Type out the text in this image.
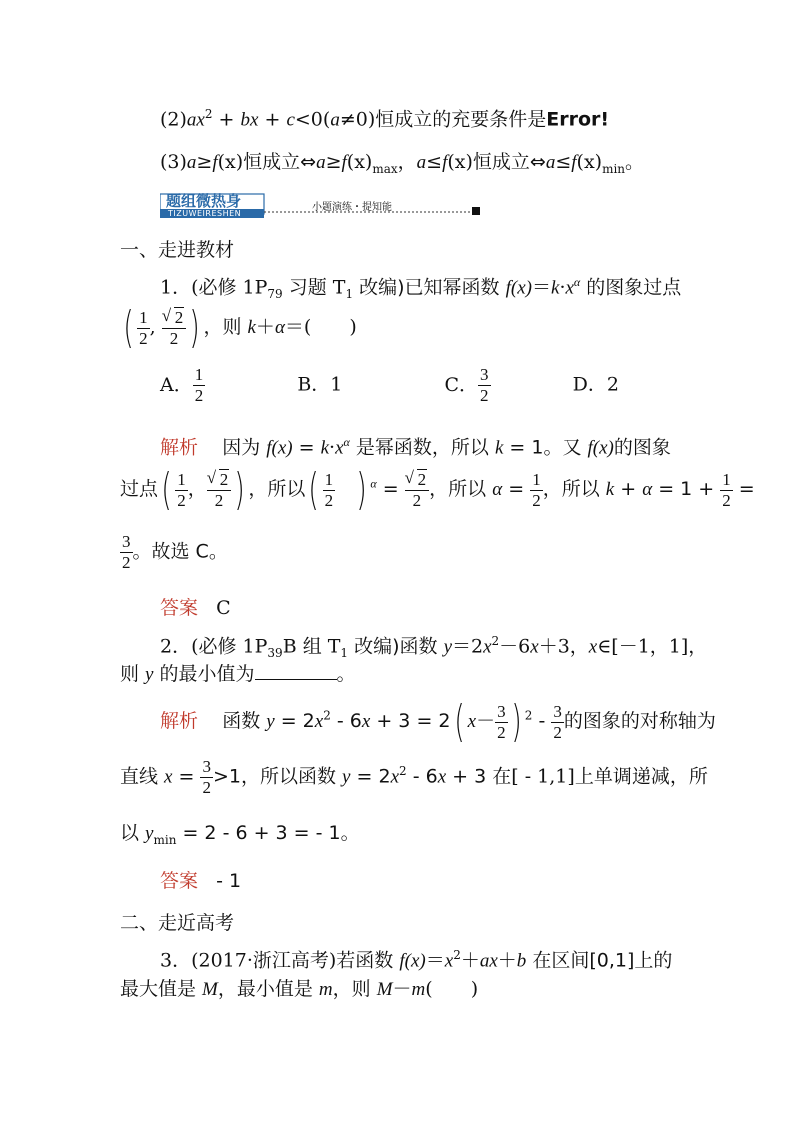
$(2)ax^2$ + bx + c<0(a≠0)恒成立的充要条件是Error!
(3)a≥f(x)恒成立$\Leftrightarrow a\ge f(x)_{max}$，a≤f(x)恒成立$\Leftrightarrow a\le f(x)_{min}$。
题组微热身
TIZUWEIRESHEN
小题演练・提知能
一、走进教材
1．(必修 $1P_{79}$ 习题 $T_1$ 改编)已知幂函数 $f(x)=k\cdot x^\alpha$ 的图象过点
( $\frac{1}{2}$ , √ $\frac{2}{2}$ ) ，则 k＋α＝(　　)
A． $\frac{1}{2}$	B．1	C． $\frac{3}{2}$	D．2
解析 因为 $f(x) = k\cdot x^\alpha$ 是幂函数，所以 k = 1。又 f(x)的图象
过点( $\frac{1}{2}$ ， √ $\frac{2}{2}$ ) ，所以( $\frac{1}{2}$ ) $^\alpha$ = √ $\frac{2}{2}$ ，所以 $\alpha = \frac{1}{2}$ ，所以 $k + \alpha = 1 + \frac{1}{2}$ =
$\frac{3}{2}$ 。故选 C。
答案 C
2．(必修 $1P_{39}B$ 组 $T_1$ 改编)函数 $y=2x^2-6x+3$，x∈[－1，1]，
则 y 的最小值为	。
解析 函数 $y = 2x^2 - 6x + 3 = 2$( $x- \frac{3}{2}$ ) $^2 - \frac{3}{2}$ 的图象的对称轴为
直线 $x = \frac{3}{2} >1$，所以函数 $y = 2x^2 - 6x + 3$ 在[ - 1,1]上单调递减，所
以 $y_{min} = 2 - 6 + 3$ = - 1。
答案 - 1
二、走近高考
3．(2017·浙江高考)若函数 $f(x)=x^2+ax+b$ 在区间[0,1]上的
最大值是 M，最小值是 m，则 M－m(　　)
